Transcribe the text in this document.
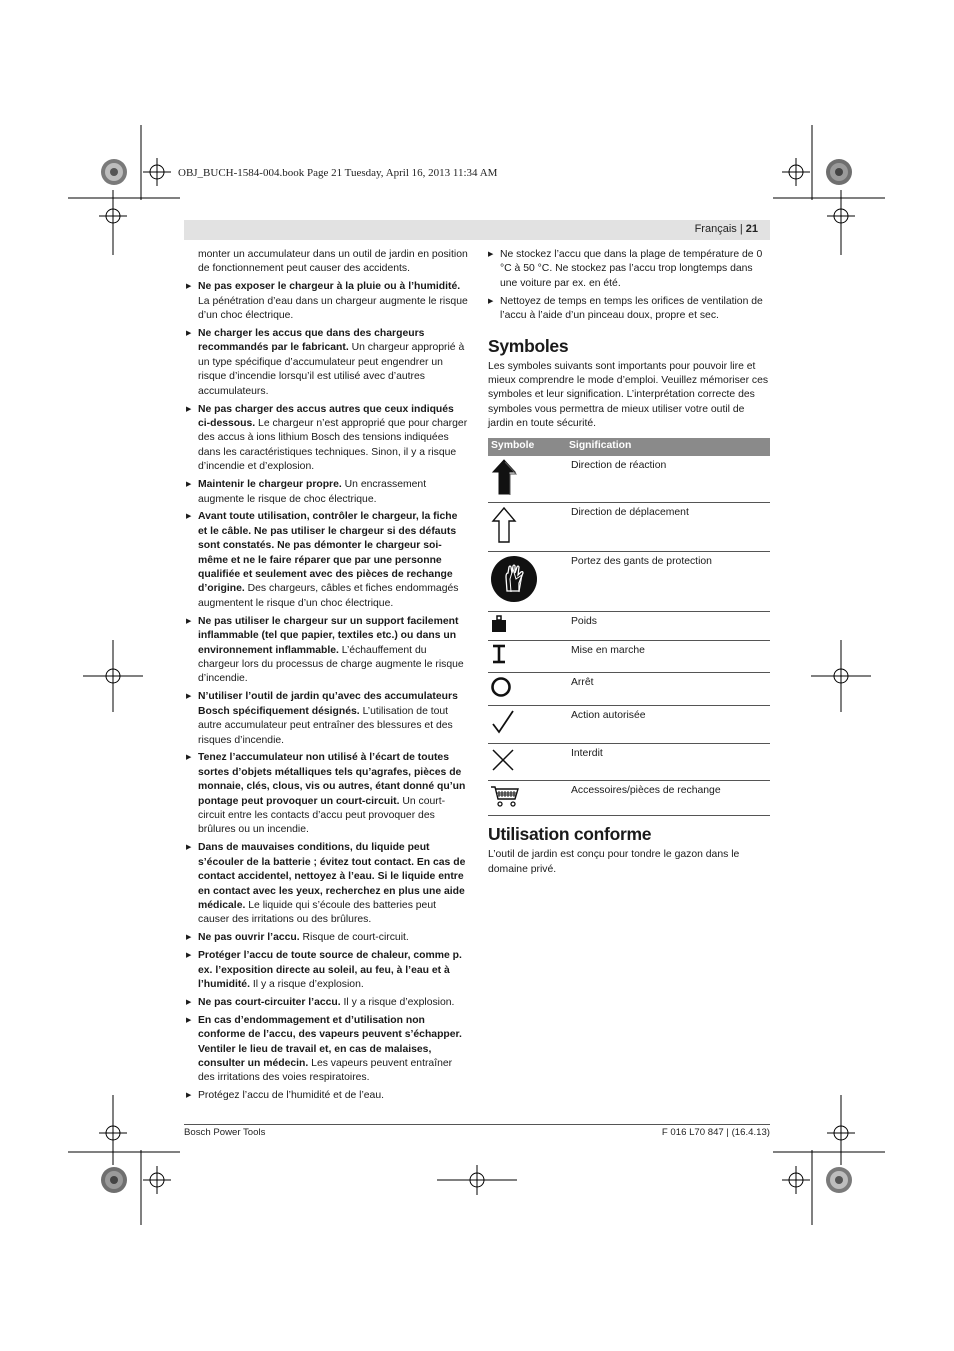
OBJ_BUCH-1584-004.book Page 21 Tuesday, April 16, 2013 11:34 AM
Français | 21

monter un accumulateur dans un outil de jardin en position de fonctionnement peut causer des accidents.

▶ Ne pas exposer le chargeur à la pluie ou à l’humidité. La pénétration d’eau dans un chargeur augmente le risque d’un choc électrique.

▶ Ne charger les accus que dans des chargeurs recommandés par le fabricant. Un chargeur approprié à un type spécifique d’accumulateur peut engendrer un risque d’incendie lorsqu’il est utilisé avec d’autres accumulateurs.

▶ Ne pas charger des accus autres que ceux indiqués ci-dessous. Le chargeur n’est approprié que pour charger des accus à ions lithium Bosch des tensions indiquées dans les caractéristiques techniques. Sinon, il y a risque d’incendie et d’explosion.

▶ Maintenir le chargeur propre. Un encrassement augmente le risque de choc électrique.

▶ Avant toute utilisation, contrôler le chargeur, la fiche et le câble. Ne pas utiliser le chargeur si des défauts sont constatés. Ne pas démonter le chargeur soi-même et ne le faire réparer que par une personne qualifiée et seulement avec des pièces de rechange d’origine. Des chargeurs, câbles et fiches endommagés augmentent le risque d’un choc électrique.

▶ Ne pas utiliser le chargeur sur un support facilement inflammable (tel que papier, textiles etc.) ou dans un environnement inflammable. L’échauffement du chargeur lors du processus de charge augmente le risque d’incendie.

▶ N’utiliser l’outil de jardin qu’avec des accumulateurs Bosch spécifiquement désignés. L’utilisation de tout autre accumulateur peut entraîner des blessures et des risques d’incendie.

▶ Tenez l’accumulateur non utilisé à l’écart de toutes sortes d’objets métalliques tels qu’agrafes, pièces de monnaie, clés, clous, vis ou autres, étant donné qu’un pontage peut provoquer un court-circuit. Un court-circuit entre les contacts d’accu peut provoquer des brûlures ou un incendie.

▶ Dans de mauvaises conditions, du liquide peut s’écouler de la batterie ; évitez tout contact. En cas de contact accidentel, nettoyez à l’eau. Si le liquide entre en contact avec les yeux, recherchez en plus une aide médicale. Le liquide qui s’écoule des batteries peut causer des irritations ou des brûlures.

▶ Ne pas ouvrir l’accu. Risque de court-circuit.

▶ Protéger l’accu de toute source de chaleur, comme p. ex. l’exposition directe au soleil, au feu, à l’eau et à l’humidité. Il y a risque d’explosion.

▶ Ne pas court-circuiter l’accu. Il y a risque d’explosion.

▶ En cas d’endommagement et d’utilisation non conforme de l’accu, des vapeurs peuvent s’échapper. Ventiler le lieu de travail et, en cas de malaises, consulter un médecin. Les vapeurs peuvent entraîner des irritations des voies respiratoires.

▶ Protégez l’accu de l’humidité et de l’eau.

▶ Ne stockez l’accu que dans la plage de température de 0 °C à 50 °C. Ne stockez pas l’accu trop longtemps dans une voiture par ex. en été.

▶ Nettoyez de temps en temps les orifices de ventilation de l’accu à l’aide d’un pinceau doux, propre et sec.

Symboles

Les symboles suivants sont importants pour pouvoir lire et mieux comprendre le mode d’emploi. Veuillez mémoriser ces symboles et leur signification. L’interprétation correcte des symboles vous permettra de mieux utiliser votre outil de jardin en toute sécurité.

Symbole	Signification
	Direction de réaction
	Direction de déplacement
	Portez des gants de protection
	Poids
	Mise en marche
	Arrêt
	Action autorisée
	Interdit
	Accessoires/pièces de rechange
Utilisation conforme

L’outil de jardin est conçu pour tondre le gazon dans le domaine privé.

Bosch Power Tools	F 016 L70 847 | (16.4.13)
